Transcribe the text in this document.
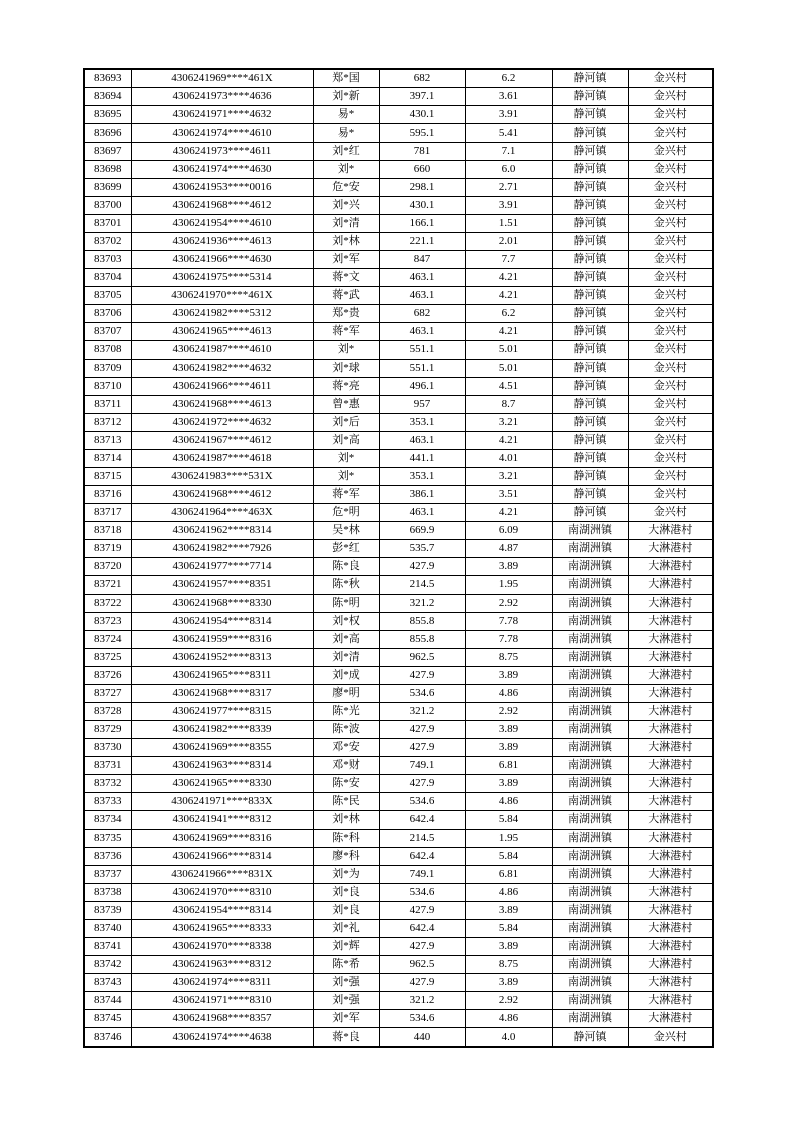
83693	4306241969****461X	郑*国	682	6.2	静河镇	金兴村
83694	4306241973****4636	刘*新	397.1	3.61	静河镇	金兴村
83695	4306241971****4632	易*	430.1	3.91	静河镇	金兴村
83696	4306241974****4610	易*	595.1	5.41	静河镇	金兴村
83697	4306241973****4611	刘*红	781	7.1	静河镇	金兴村
83698	4306241974****4630	刘*	660	6.0	静河镇	金兴村
83699	4306241953****0016	危*安	298.1	2.71	静河镇	金兴村
83700	4306241968****4612	刘*兴	430.1	3.91	静河镇	金兴村
83701	4306241954****4610	刘*清	166.1	1.51	静河镇	金兴村
83702	4306241936****4613	刘*林	221.1	2.01	静河镇	金兴村
83703	4306241966****4630	刘*军	847	7.7	静河镇	金兴村
83704	4306241975****5314	蒋*文	463.1	4.21	静河镇	金兴村
83705	4306241970****461X	蒋*武	463.1	4.21	静河镇	金兴村
83706	4306241982****5312	郑*贵	682	6.2	静河镇	金兴村
83707	4306241965****4613	蒋*军	463.1	4.21	静河镇	金兴村
83708	4306241987****4610	刘*	551.1	5.01	静河镇	金兴村
83709	4306241982****4632	刘*球	551.1	5.01	静河镇	金兴村
83710	4306241966****4611	蒋*亮	496.1	4.51	静河镇	金兴村
83711	4306241968****4613	曾*惠	957	8.7	静河镇	金兴村
83712	4306241972****4632	刘*后	353.1	3.21	静河镇	金兴村
83713	4306241967****4612	刘*高	463.1	4.21	静河镇	金兴村
83714	4306241987****4618	刘*	441.1	4.01	静河镇	金兴村
83715	4306241983****531X	刘*	353.1	3.21	静河镇	金兴村
83716	4306241968****4612	蒋*军	386.1	3.51	静河镇	金兴村
83717	4306241964****463X	危*明	463.1	4.21	静河镇	金兴村
83718	4306241962****8314	吴*林	669.9	6.09	南湖洲镇	大淋港村
83719	4306241982****7926	彭*红	535.7	4.87	南湖洲镇	大淋港村
83720	4306241977****7714	陈*良	427.9	3.89	南湖洲镇	大淋港村
83721	4306241957****8351	陈*秋	214.5	1.95	南湖洲镇	大淋港村
83722	4306241968****8330	陈*明	321.2	2.92	南湖洲镇	大淋港村
83723	4306241954****8314	刘*权	855.8	7.78	南湖洲镇	大淋港村
83724	4306241959****8316	刘*高	855.8	7.78	南湖洲镇	大淋港村
83725	4306241952****8313	刘*清	962.5	8.75	南湖洲镇	大淋港村
83726	4306241965****8311	刘*成	427.9	3.89	南湖洲镇	大淋港村
83727	4306241968****8317	廖*明	534.6	4.86	南湖洲镇	大淋港村
83728	4306241977****8315	陈*光	321.2	2.92	南湖洲镇	大淋港村
83729	4306241982****8339	陈*波	427.9	3.89	南湖洲镇	大淋港村
83730	4306241969****8355	邓*安	427.9	3.89	南湖洲镇	大淋港村
83731	4306241963****8314	邓*财	749.1	6.81	南湖洲镇	大淋港村
83732	4306241965****8330	陈*安	427.9	3.89	南湖洲镇	大淋港村
83733	4306241971****833X	陈*民	534.6	4.86	南湖洲镇	大淋港村
83734	4306241941****8312	刘*林	642.4	5.84	南湖洲镇	大淋港村
83735	4306241969****8316	陈*科	214.5	1.95	南湖洲镇	大淋港村
83736	4306241966****8314	廖*科	642.4	5.84	南湖洲镇	大淋港村
83737	4306241966****831X	刘*为	749.1	6.81	南湖洲镇	大淋港村
83738	4306241970****8310	刘*良	534.6	4.86	南湖洲镇	大淋港村
83739	4306241954****8314	刘*良	427.9	3.89	南湖洲镇	大淋港村
83740	4306241965****8333	刘*礼	642.4	5.84	南湖洲镇	大淋港村
83741	4306241970****8338	刘*辉	427.9	3.89	南湖洲镇	大淋港村
83742	4306241963****8312	陈*希	962.5	8.75	南湖洲镇	大淋港村
83743	4306241974****8311	刘*强	427.9	3.89	南湖洲镇	大淋港村
83744	4306241971****8310	刘*强	321.2	2.92	南湖洲镇	大淋港村
83745	4306241968****8357	刘*军	534.6	4.86	南湖洲镇	大淋港村
83746	4306241974****4638	蒋*良	440	4.0	静河镇	金兴村
